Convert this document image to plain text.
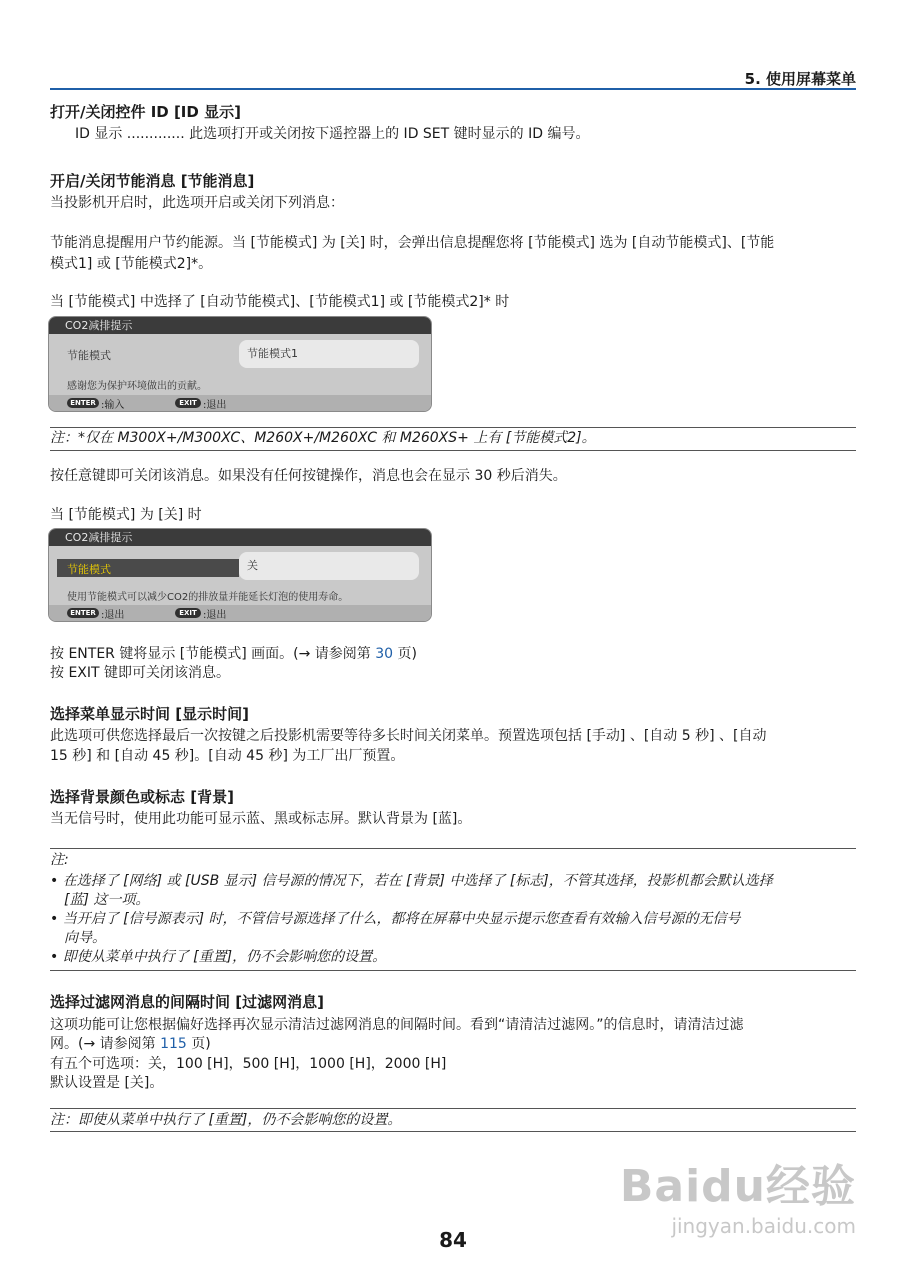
5. 使用屏幕菜单
打开/关闭控件 ID [ID 显示]
ID 显示 ............. 此选项打开或关闭按下遥控器上的 ID SET 键时显示的 ID 编号。
开启/关闭节能消息 [节能消息]
当投影机开启时，此选项开启或关闭下列消息：
节能消息提醒用户节约能源。当 [节能模式] 为 [关] 时，会弹出信息提醒您将 [节能模式] 选为 [自动节能模式]、[节能
模式1] 或 [节能模式2]*。
当 [节能模式] 中选择了 [自动节能模式]、[节能模式1] 或 [节能模式2]* 时
CO2减排提示
节能模式	节能模式1
感谢您为保护环境做出的贡献。
ENTER :输入	EXIT :退出
注：*仅在 M300X+/M300XC、M260X+/M260XC 和 M260XS+ 上有 [节能模式2]。
按任意键即可关闭该消息。如果没有任何按键操作，消息也会在显示 30 秒后消失。
当 [节能模式] 为 [关] 时
CO2减排提示
节能模式	关
使用节能模式可以减少CO2的排放量并能延长灯泡的使用寿命。
ENTER :退出	EXIT :退出
按 ENTER 键将显示 [节能模式] 画面。(→ 请参阅第 30 页)
按 EXIT 键即可关闭该消息。
选择菜单显示时间 [显示时间]
此选项可供您选择最后一次按键之后投影机需要等待多长时间关闭菜单。预置选项包括 [手动] 、[自动 5 秒] 、[自动
15 秒] 和 [自动 45 秒]。[自动 45 秒] 为工厂出厂预置。
选择背景颜色或标志 [背景]
当无信号时，使用此功能可显示蓝、黑或标志屏。默认背景为 [蓝]。
注:
• 在选择了 [网络] 或 [USB 显示] 信号源的情况下，若在 [背景] 中选择了 [标志]，不管其选择，投影机都会默认选择
[蓝] 这一项。
• 当开启了 [信号源表示] 时，不管信号源选择了什么，都将在屏幕中央显示提示您查看有效输入信号源的无信号
向导。
• 即使从菜单中执行了 [重置]，仍不会影响您的设置。
选择过滤网消息的间隔时间 [过滤网消息]
这项功能可让您根据偏好选择再次显示清洁过滤网消息的间隔时间。看到“请清洁过滤网。”的信息时，请清洁过滤
网。(→ 请参阅第 115 页)
有五个可选项：关，100 [H]，500 [H]，1000 [H]，2000 [H]
默认设置是 [关]。
注：即使从菜单中执行了 [重置]，仍不会影响您的设置。
Baidu经验
jingyan.baidu.com
84
